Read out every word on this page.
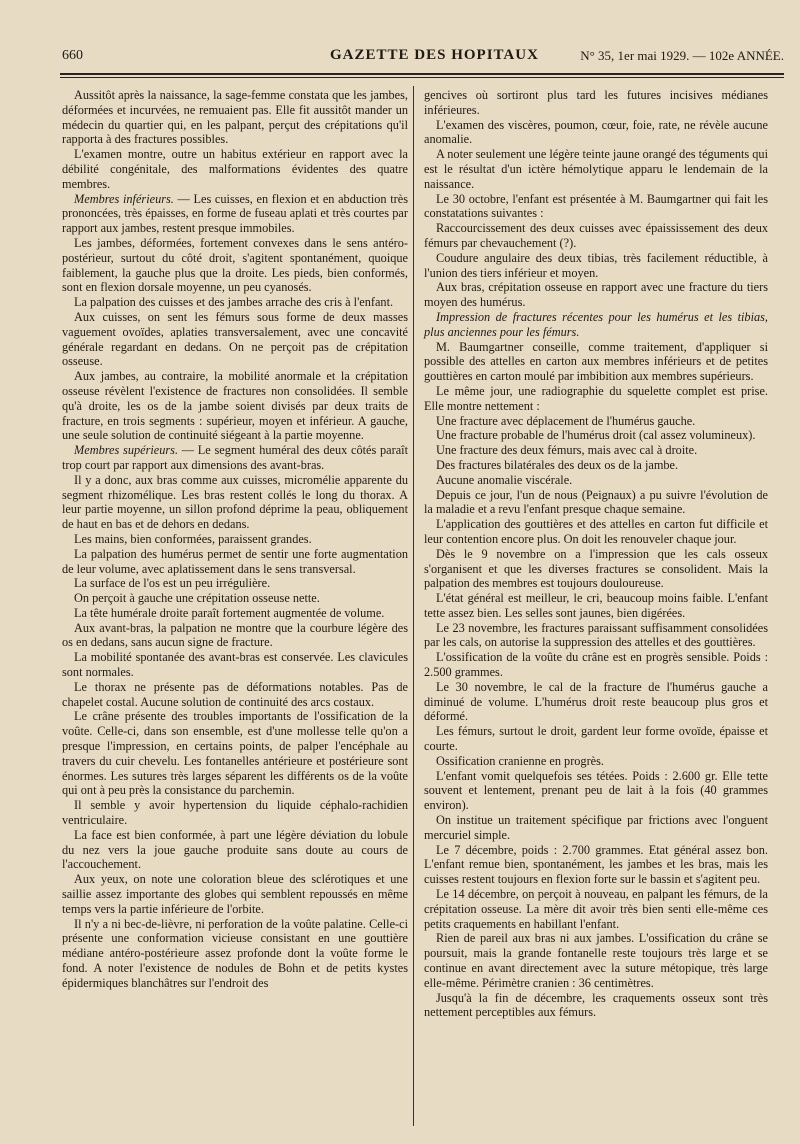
660	GAZETTE DES HOPITAUX	N° 35, 1er mai 1929. — 102e ANNÉE.

Aussitôt après la naissance, la sage-femme constata que les jambes, déformées et incurvées, ne remuaient pas. Elle fit aussitôt mander un médecin du quartier qui, en les palpant, perçut des crépitations qu'il rapporta à des fractures possibles.

L'examen montre, outre un habitus extérieur en rapport avec la débilité congénitale, des malformations évidentes des quatre membres.

Membres inférieurs. — Les cuisses, en flexion et en abduction très prononcées, très épaisses, en forme de fuseau aplati et très courtes par rapport aux jambes, restent presque immobiles.

Les jambes, déformées, fortement convexes dans le sens antéro-postérieur, surtout du côté droit, s'agitent spontanément, quoique faiblement, la gauche plus que la droite. Les pieds, bien conformés, sont en flexion dorsale moyenne, un peu cyanosés.

La palpation des cuisses et des jambes arrache des cris à l'enfant.

Aux cuisses, on sent les fémurs sous forme de deux masses vaguement ovoïdes, aplaties transversalement, avec une concavité générale regardant en dedans. On ne perçoit pas de crépitation osseuse.

Aux jambes, au contraire, la mobilité anormale et la crépitation osseuse révèlent l'existence de fractures non consolidées. Il semble qu'à droite, les os de la jambe soient divisés par deux traits de fracture, en trois segments : supérieur, moyen et inférieur. A gauche, une seule solution de continuité siégeant à la partie moyenne.

Membres supérieurs. — Le segment huméral des deux côtés paraît trop court par rapport aux dimensions des avant-bras.

Il y a donc, aux bras comme aux cuisses, micromélie apparente du segment rhizomélique. Les bras restent collés le long du thorax. A leur partie moyenne, un sillon profond déprime la peau, obliquement de haut en bas et de dehors en dedans.

Les mains, bien conformées, paraissent grandes.

La palpation des humérus permet de sentir une forte augmentation de leur volume, avec aplatissement dans le sens transversal.

La surface de l'os est un peu irrégulière.

On perçoit à gauche une crépitation osseuse nette.

La tête humérale droite paraît fortement augmentée de volume.

Aux avant-bras, la palpation ne montre que la courbure légère des os en dedans, sans aucun signe de fracture.

La mobilité spontanée des avant-bras est conservée. Les clavicules sont normales.

Le thorax ne présente pas de déformations notables. Pas de chapelet costal. Aucune solution de continuité des arcs costaux.

Le crâne présente des troubles importants de l'ossification de la voûte. Celle-ci, dans son ensemble, est d'une mollesse telle qu'on a presque l'impression, en certains points, de palper l'encéphale au travers du cuir chevelu. Les fontanelles antérieure et postérieure sont énormes. Les sutures très larges séparent les différents os de la voûte qui ont à peu près la consistance du parchemin.

Il semble y avoir hypertension du liquide céphalo-rachidien ventriculaire.

La face est bien conformée, à part une légère déviation du lobule du nez vers la joue gauche produite sans doute au cours de l'accouchement.

Aux yeux, on note une coloration bleue des sclérotiques et une saillie assez importante des globes qui semblent repoussés en même temps vers la partie inférieure de l'orbite.

Il n'y a ni bec-de-lièvre, ni perforation de la voûte palatine. Celle-ci présente une conformation vicieuse consistant en une gouttière médiane antéro-postérieure assez profonde dont la voûte forme le fond. A noter l'existence de nodules de Bohn et de petits kystes épidermiques blanchâtres sur l'endroit des

gencives où sortiront plus tard les futures incisives médianes inférieures.

L'examen des viscères, poumon, cœur, foie, rate, ne révèle aucune anomalie.

A noter seulement une légère teinte jaune orangé des téguments qui est le résultat d'un ictère hémolytique apparu le lendemain de la naissance.

Le 30 octobre, l'enfant est présentée à M. Baumgartner qui fait les constatations suivantes :

Raccourcissement des deux cuisses avec épaississement des deux fémurs par chevauchement (?).

Coudure angulaire des deux tibias, très facilement réductible, à l'union des tiers inférieur et moyen.

Aux bras, crépitation osseuse en rapport avec une fracture du tiers moyen des humérus.

Impression de fractures récentes pour les humérus et les tibias, plus anciennes pour les fémurs.

M. Baumgartner conseille, comme traitement, d'appliquer si possible des attelles en carton aux membres inférieurs et de petites gouttières en carton moulé par imbibition aux membres supérieurs.

Le même jour, une radiographie du squelette complet est prise. Elle montre nettement :

Une fracture avec déplacement de l'humérus gauche.

Une fracture probable de l'humérus droit (cal assez volumineux).

Une fracture des deux fémurs, mais avec cal à droite.

Des fractures bilatérales des deux os de la jambe.

Aucune anomalie viscérale.

Depuis ce jour, l'un de nous (Peignaux) a pu suivre l'évolution de la maladie et a revu l'enfant presque chaque semaine.

L'application des gouttières et des attelles en carton fut difficile et leur contention encore plus. On doit les renouveler chaque jour.

Dès le 9 novembre on a l'impression que les cals osseux s'organisent et que les diverses fractures se consolident. Mais la palpation des membres est toujours douloureuse.

L'état général est meilleur, le cri, beaucoup moins faible. L'enfant tette assez bien. Les selles sont jaunes, bien digérées.

Le 23 novembre, les fractures paraissant suffisamment consolidées par les cals, on autorise la suppression des attelles et des gouttières.

L'ossification de la voûte du crâne est en progrès sensible. Poids : 2.500 grammes.

Le 30 novembre, le cal de la fracture de l'humérus gauche a diminué de volume. L'humérus droit reste beaucoup plus gros et déformé.

Les fémurs, surtout le droit, gardent leur forme ovoïde, épaisse et courte.

Ossification cranienne en progrès.

L'enfant vomit quelquefois ses tétées. Poids : 2.600 gr. Elle tette souvent et lentement, prenant peu de lait à la fois (40 grammes environ).

On institue un traitement spécifique par frictions avec l'onguent mercuriel simple.

Le 7 décembre, poids : 2.700 grammes. Etat général assez bon. L'enfant remue bien, spontanément, les jambes et les bras, mais les cuisses restent toujours en flexion forte sur le bassin et s'agitent peu.

Le 14 décembre, on perçoit à nouveau, en palpant les fémurs, de la crépitation osseuse. La mère dit avoir très bien senti elle-même ces petits craquements en habillant l'enfant.

Rien de pareil aux bras ni aux jambes. L'ossification du crâne se poursuit, mais la grande fontanelle reste toujours très large et se continue en avant directement avec la suture métopique, très large elle-même. Périmètre cranien : 36 centimètres.

Jusqu'à la fin de décembre, les craquements osseux sont très nettement perceptibles aux fémurs.
